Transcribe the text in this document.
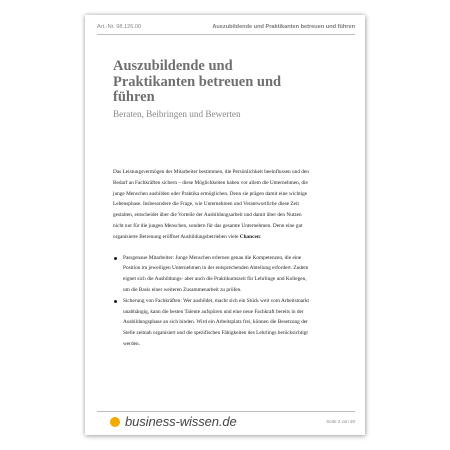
Art.-Nr. 98.126.00	Auszubildende und Praktikanten betreuen und führen
Auszubildende und
Praktikanten betreuen und
führen
Beraten, Beibringen und Bewerten

Das Leistungsvermögen der Mitarbeiter bestimmen, die Persönlichkeit beeinflussen und den Bedarf an Fachkräften sichern – diese Möglichkeiten haben vor allem die Unternehmen, die junge Menschen ausbilden oder Praktika ermöglichen. Denn sie prägen damit eine wichtige Lebensphase. Insbesondere die Frage, wie Unternehmen und Verantwortliche diese Zeit gestalten, entscheidet über die Vorteile der Ausbildungsarbeit und damit über den Nutzen nicht nur für die jungen Menschen, sondern für das gesamte Unternehmen. Denn eine gut organisierte Betreuung eröffnet Ausbildungsbetrieben viele Chancen:

Passgenaue Mitarbeiter: Junge Menschen erlernen genau die Kompetenzen, die eine Position im jeweiligen Unternehmen in der entsprechenden Abteilung erfordert. Zudem eignet sich die Ausbildungs- aber auch die Praktikumszeit für Lehrlinge und Kollegen, um die Basis einer weiteren Zusammenarbeit zu prüfen.
Sicherung von Fachkräften: Wer ausbildet, macht sich ein Stück weit vom Arbeitsmarkt unabhängig, kann die besten Talente aufspüren und eine neue Fachkraft bereits in der Ausbildungsphase an sich binden. Wird ein Arbeitsplatz frei, können die Besetzung der Stelle zeitnah organisiert und die spezifischen Fähigkeiten des Lehrlings berücksichtigt werden.
business-wissen.de	Seite 2 von 30
